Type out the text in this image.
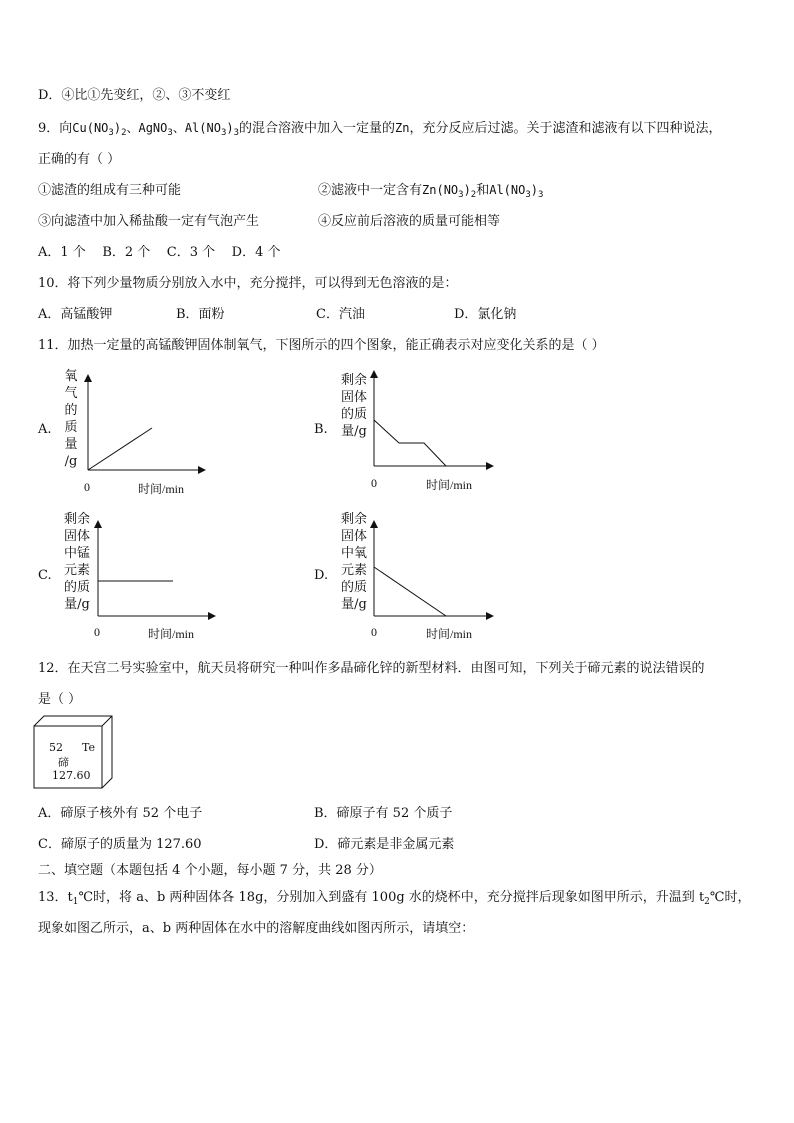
D．④比①先变红，②、③不变红
9．向$Cu(NO_3)_2$、AgNO$_3$、$Al(NO_3)_3$的混合溶液中加入一定量的Zn，充分反应后过滤。关于滤渣和滤液有以下四种说法，
正确的有（ ）
①滤渣的组成有三种可能	②滤液中一定含有$Zn(NO_3)_2$和$Al(NO_3)_3$
③向滤渣中加入稀盐酸一定有气泡产生	④反应前后溶液的质量可能相等
A．1 个    B．2 个    C．3 个    D．4 个
10．将下列少量物质分别放入水中，充分搅拌，可以得到无色溶液的是：
A．高锰酸钾	B．面粉	C．汽油	D．氯化钠
11．加热一定量的高锰酸钾固体制氧气，下图所示的四个图象，能正确表示对应变化关系的是（ ）
A.
氧
气
的
质
量
/g
0	时间/min
B.
剩余
固体
的质
量/g
0	时间/min
C.
剩余
固体
中锰
元素
的质
量/g
0	时间/min
D.
剩余
固体
中氧
元素
的质
量/g
0	时间/min
12．在天宫二号实验室中，航天员将研究一种叫作多晶碲化锌的新型材料．由图可知，下列关于碲元素的说法错误的
是（ ）
52 Te
碲
127.60
A．碲原子核外有 52 个电子	B．碲原子有 52 个质子
C．碲原子的质量为 127.60	D．碲元素是非金属元素
二、填空题（本题包括 4 个小题，每小题 7 分，共 28 分）
13．$t_1℃$时，将 a、b 两种固体各 18g，分别加入到盛有 100g 水的烧杯中，充分搅拌后现象如图甲所示，升温到 $t_2℃$时，
现象如图乙所示，a、b 两种固体在水中的溶解度曲线如图丙所示，请填空：
